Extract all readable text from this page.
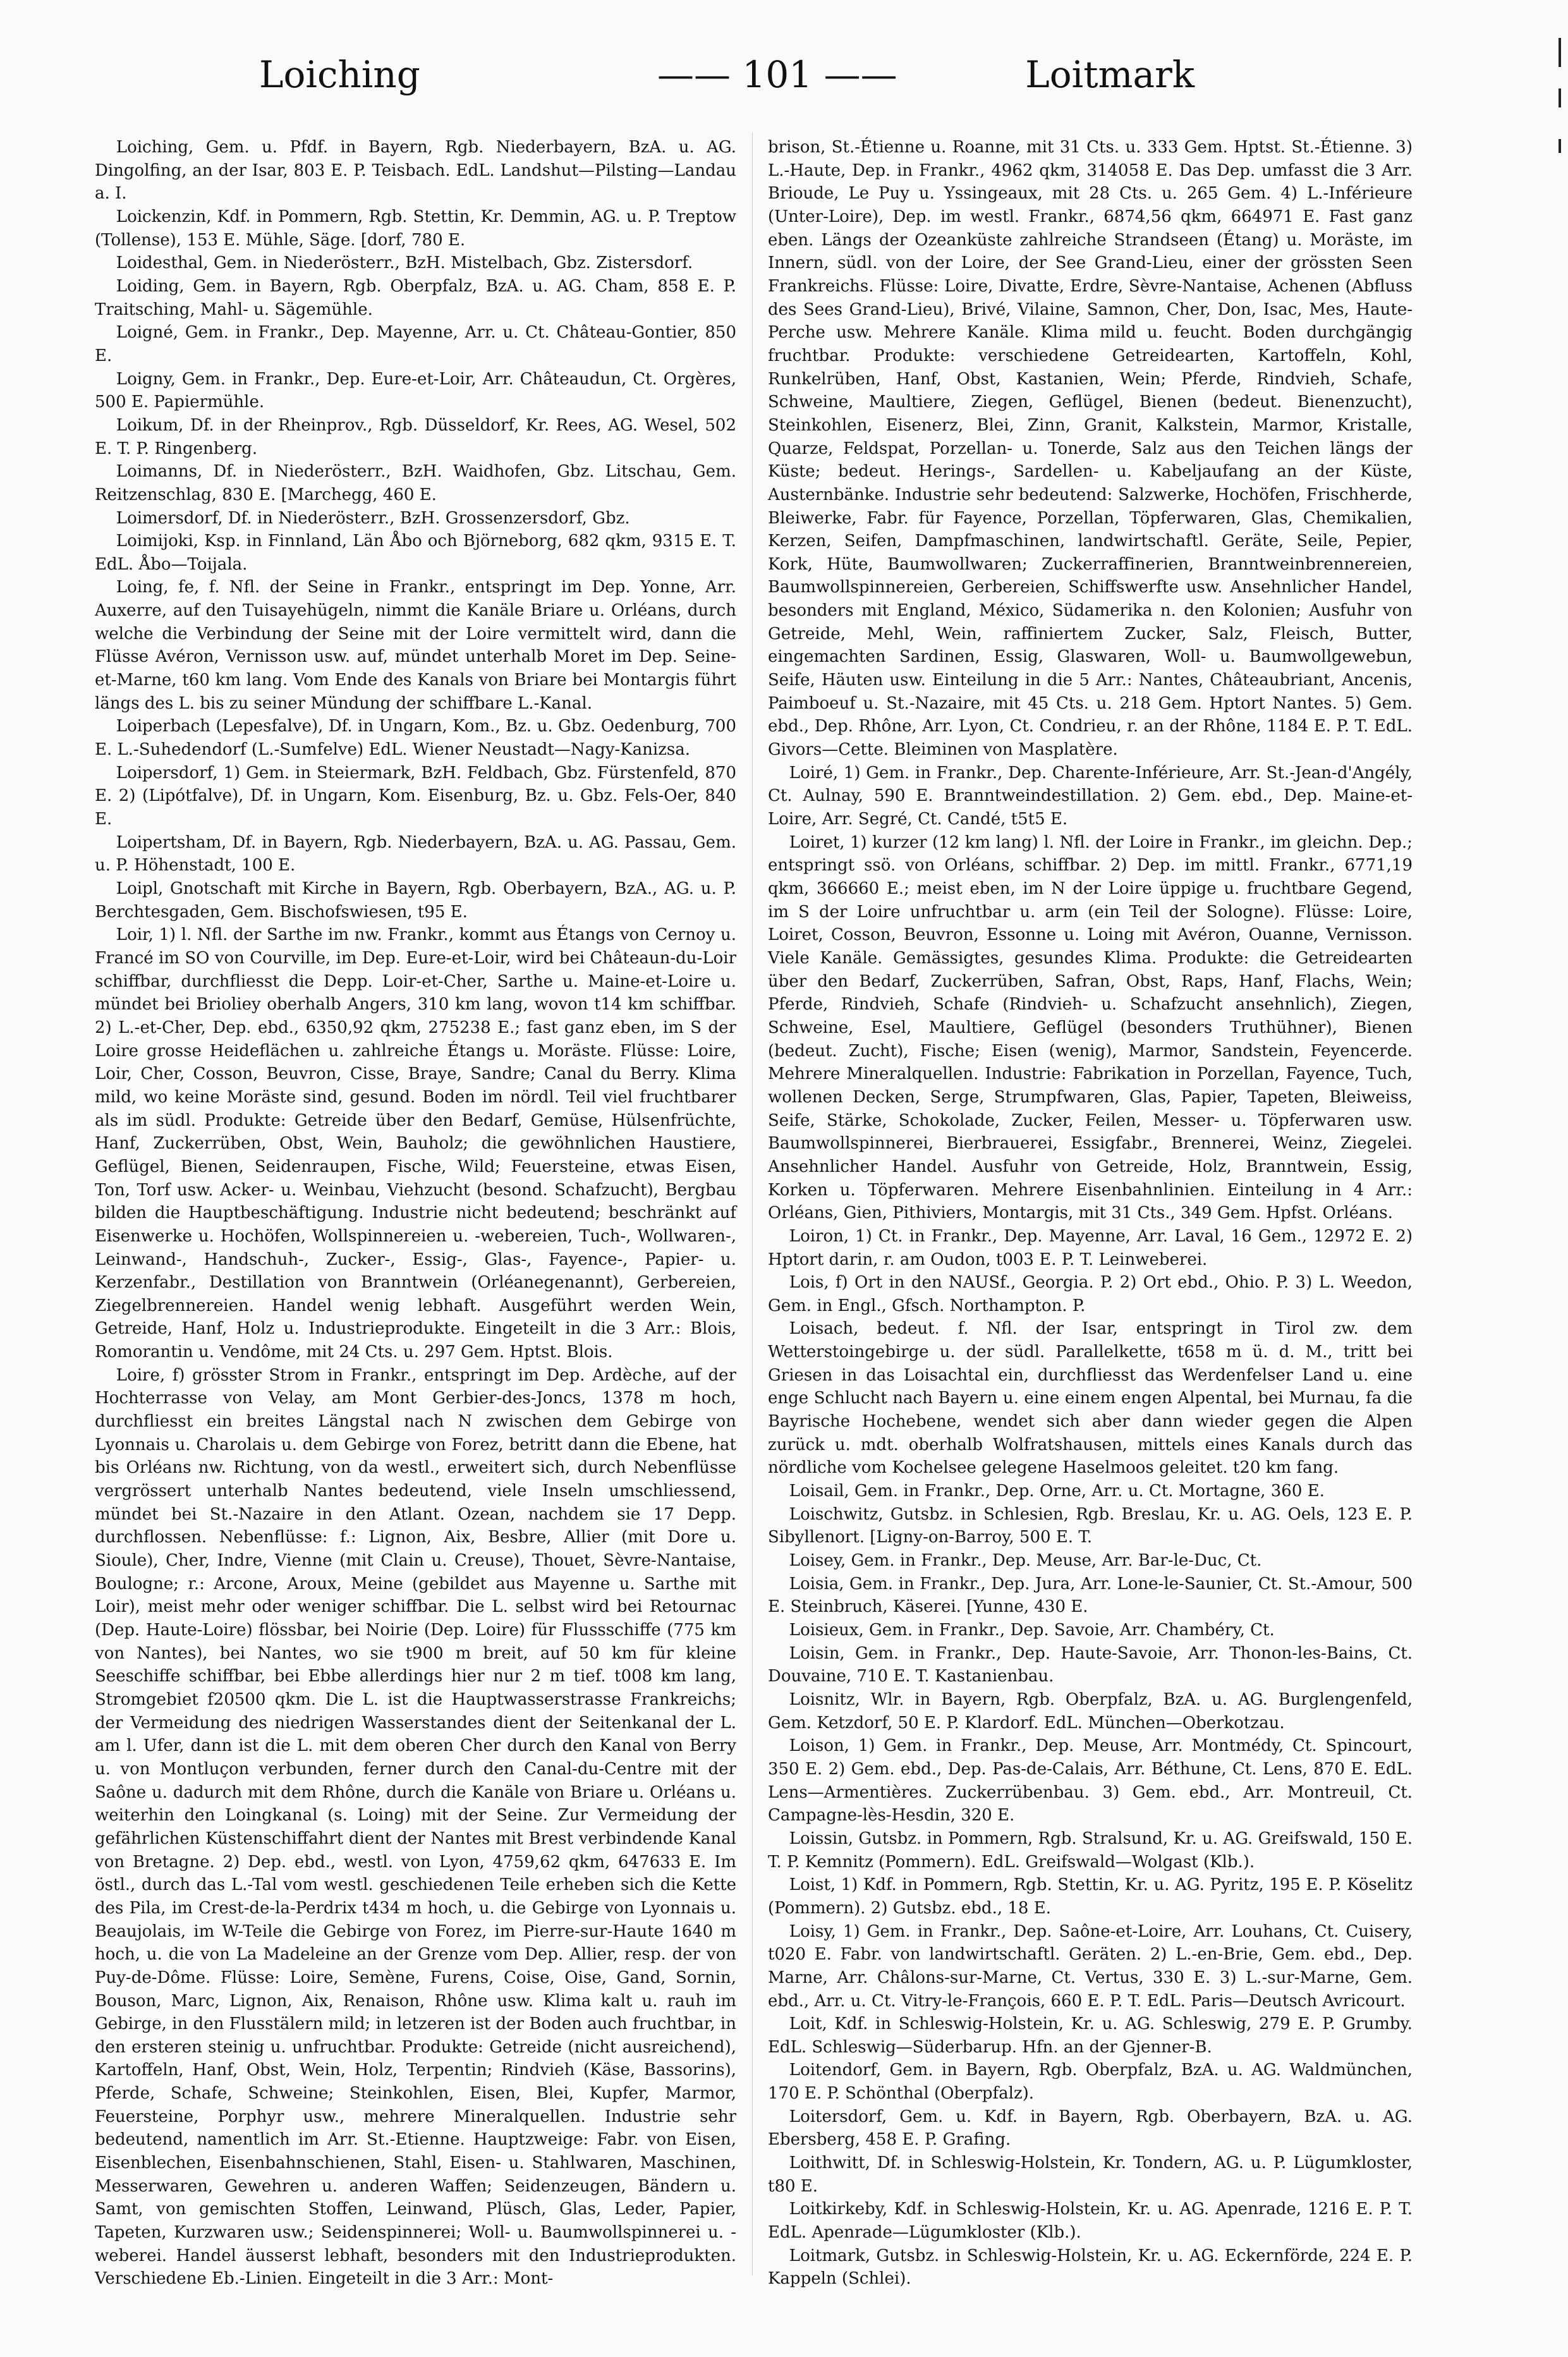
Loiching	—— 101 ——	Loitmark

Loiching, Gem. u. Pfdf. in Bayern, Rgb. Niederbayern, BzA. u. AG. Dingolfing, an der Isar, 803 E. P. Teisbach. EdL. Landshut—Pilsting—Landau a. I.

Loickenzin, Kdf. in Pommern, Rgb. Stettin, Kr. Demmin, AG. u. P. Treptow (Tollense), 153 E. Mühle, Säge. [dorf, 780 E.

Loidesthal, Gem. in Niederösterr., BzH. Mistelbach, Gbz. Zistersdorf.

Loiding, Gem. in Bayern, Rgb. Oberpfalz, BzA. u. AG. Cham, 858 E. P. Traitsching, Mahl- u. Sägemühle.

Loigné, Gem. in Frankr., Dep. Mayenne, Arr. u. Ct. Château-Gontier, 850 E.

Loigny, Gem. in Frankr., Dep. Eure-et-Loir, Arr. Châteaudun, Ct. Orgères, 500 E. Papiermühle.

Loikum, Df. in der Rheinprov., Rgb. Düsseldorf, Kr. Rees, AG. Wesel, 502 E. T. P. Ringenberg.

Loimanns, Df. in Niederösterr., BzH. Waidhofen, Gbz. Litschau, Gem. Reitzenschlag, 830 E. [Marchegg, 460 E.

Loimersdorf, Df. in Niederösterr., BzH. Grossenzersdorf, Gbz.

Loimijoki, Ksp. in Finnland, Län Åbo och Björneborg, 682 qkm, 9315 E. T. EdL. Åbo—Toijala.

Loing, fe, f. Nfl. der Seine in Frankr., entspringt im Dep. Yonne, Arr. Auxerre, auf den Tuisayehügeln, nimmt die Kanäle Briare u. Orléans, durch welche die Verbindung der Seine mit der Loire vermittelt wird, dann die Flüsse Avéron, Vernisson usw. auf, mündet unterhalb Moret im Dep. Seine-et-Marne, t60 km lang. Vom Ende des Kanals von Briare bei Montargis führt längs des L. bis zu seiner Mündung der schiffbare L.-Kanal.

Loiperbach (Lepesfalve), Df. in Ungarn, Kom., Bz. u. Gbz. Oedenburg, 700 E. L.-Suhedendorf (L.-Sumfelve) EdL. Wiener Neustadt—Nagy-Kanizsa.

Loipersdorf, 1) Gem. in Steiermark, BzH. Feldbach, Gbz. Fürstenfeld, 870 E. 2) (Lipótfalve), Df. in Ungarn, Kom. Eisenburg, Bz. u. Gbz. Fels-Oer, 840 E.

Loipertsham, Df. in Bayern, Rgb. Niederbayern, BzA. u. AG. Passau, Gem. u. P. Höhenstadt, 100 E.

Loipl, Gnotschaft mit Kirche in Bayern, Rgb. Oberbayern, BzA., AG. u. P. Berchtesgaden, Gem. Bischofswiesen, t95 E.

Loir, 1) l. Nfl. der Sarthe im nw. Frankr., kommt aus Étangs von Cernoy u. Francé im SO von Courville, im Dep. Eure-et-Loir, wird bei Châteaun-du-Loir schiffbar, durchfliesst die Depp. Loir-et-Cher, Sarthe u. Maine-et-Loire u. mündet bei Brioliey oberhalb Angers, 310 km lang, wovon t14 km schiffbar. 2) L.-et-Cher, Dep. ebd., 6350,92 qkm, 275238 E.; fast ganz eben, im S der Loire grosse Heideflächen u. zahlreiche Étangs u. Moräste. Flüsse: Loire, Loir, Cher, Cosson, Beuvron, Cisse, Braye, Sandre; Canal du Berry. Klima mild, wo keine Moräste sind, gesund. Boden im nördl. Teil viel fruchtbarer als im südl. Produkte: Getreide über den Bedarf, Gemüse, Hülsenfrüchte, Hanf, Zuckerrüben, Obst, Wein, Bauholz; die gewöhnlichen Haustiere, Geflügel, Bienen, Seidenraupen, Fische, Wild; Feuersteine, etwas Eisen, Ton, Torf usw. Acker- u. Weinbau, Viehzucht (besond. Schafzucht), Bergbau bilden die Hauptbeschäftigung. Industrie nicht bedeutend; beschränkt auf Eisenwerke u. Hochöfen, Wollspinnereien u. -webereien, Tuch-, Wollwaren-, Leinwand-, Handschuh-, Zucker-, Essig-, Glas-, Fayence-, Papier- u. Kerzenfabr., Destillation von Branntwein (Orléanegenannt), Gerbereien, Ziegelbrennereien. Handel wenig lebhaft. Ausgeführt werden Wein, Getreide, Hanf, Holz u. Industrieprodukte. Eingeteilt in die 3 Arr.: Blois, Romorantin u. Vendôme, mit 24 Cts. u. 297 Gem. Hptst. Blois.

Loire, f) grösster Strom in Frankr., entspringt im Dep. Ardèche, auf der Hochterrasse von Velay, am Mont Gerbier-des-Joncs, 1378 m hoch, durchfliesst ein breites Längstal nach N zwischen dem Gebirge von Lyonnais u. Charolais u. dem Gebirge von Forez, betritt dann die Ebene, hat bis Orléans nw. Richtung, von da westl., erweitert sich, durch Nebenflüsse vergrössert unterhalb Nantes bedeutend, viele Inseln umschliessend, mündet bei St.-Nazaire in den Atlant. Ozean, nachdem sie 17 Depp. durchflossen. Nebenflüsse: f.: Lignon, Aix, Besbre, Allier (mit Dore u. Sioule), Cher, Indre, Vienne (mit Clain u. Creuse), Thouet, Sèvre-Nantaise, Boulogne; r.: Arcone, Aroux, Meine (gebildet aus Mayenne u. Sarthe mit Loir), meist mehr oder weniger schiffbar. Die L. selbst wird bei Retournac (Dep. Haute-Loire) flössbar, bei Noirie (Dep. Loire) für Flussschiffe (775 km von Nantes), bei Nantes, wo sie t900 m breit, auf 50 km für kleine Seeschiffe schiffbar, bei Ebbe allerdings hier nur 2 m tief. t008 km lang, Stromgebiet f20500 qkm. Die L. ist die Hauptwasserstrasse Frankreichs; der Vermeidung des niedrigen Wasserstandes dient der Seitenkanal der L. am l. Ufer, dann ist die L. mit dem oberen Cher durch den Kanal von Berry u. von Montluçon verbunden, ferner durch den Canal-du-Centre mit der Saône u. dadurch mit dem Rhône, durch die Kanäle von Briare u. Orléans u. weiterhin den Loingkanal (s. Loing) mit der Seine. Zur Vermeidung der gefährlichen Küstenschiffahrt dient der Nantes mit Brest verbindende Kanal von Bretagne. 2) Dep. ebd., westl. von Lyon, 4759,62 qkm, 647633 E. Im östl., durch das L.-Tal vom westl. geschiedenen Teile erheben sich die Kette des Pila, im Crest-de-la-Perdrix t434 m hoch, u. die Gebirge von Lyonnais u. Beaujolais, im W-Teile die Gebirge von Forez, im Pierre-sur-Haute 1640 m hoch, u. die von La Madeleine an der Grenze vom Dep. Allier, resp. der von Puy-de-Dôme. Flüsse: Loire, Semène, Furens, Coise, Oise, Gand, Sornin, Bouson, Marc, Lignon, Aix, Renaison, Rhône usw. Klima kalt u. rauh im Gebirge, in den Flusstälern mild; in letzeren ist der Boden auch fruchtbar, in den ersteren steinig u. unfruchtbar. Produkte: Getreide (nicht ausreichend), Kartoffeln, Hanf, Obst, Wein, Holz, Terpentin; Rindvieh (Käse, Bassorins), Pferde, Schafe, Schweine; Steinkohlen, Eisen, Blei, Kupfer, Marmor, Feuersteine, Porphyr usw., mehrere Mineralquellen. Industrie sehr bedeutend, namentlich im Arr. St.-Etienne. Hauptzweige: Fabr. von Eisen, Eisenblechen, Eisenbahnschienen, Stahl, Eisen- u. Stahlwaren, Maschinen, Messerwaren, Gewehren u. anderen Waffen; Seidenzeugen, Bändern u. Samt, von gemischten Stoffen, Leinwand, Plüsch, Glas, Leder, Papier, Tapeten, Kurzwaren usw.; Seidenspinnerei; Woll- u. Baumwollspinnerei u. -weberei. Handel äusserst lebhaft, besonders mit den Industrieprodukten. Verschiedene Eb.-Linien. Eingeteilt in die 3 Arr.: Mont-

brison, St.-Étienne u. Roanne, mit 31 Cts. u. 333 Gem. Hptst. St.-Étienne. 3) L.-Haute, Dep. in Frankr., 4962 qkm, 314058 E. Das Dep. umfasst die 3 Arr. Brioude, Le Puy u. Yssingeaux, mit 28 Cts. u. 265 Gem. 4) L.-Inférieure (Unter-Loire), Dep. im westl. Frankr., 6874,56 qkm, 664971 E. Fast ganz eben. Längs der Ozeanküste zahlreiche Strandseen (Étang) u. Moräste, im Innern, südl. von der Loire, der See Grand-Lieu, einer der grössten Seen Frankreichs. Flüsse: Loire, Divatte, Erdre, Sèvre-Nantaise, Achenen (Abfluss des Sees Grand-Lieu), Brivé, Vilaine, Samnon, Cher, Don, Isac, Mes, Haute-Perche usw. Mehrere Kanäle. Klima mild u. feucht. Boden durchgängig fruchtbar. Produkte: verschiedene Getreidearten, Kartoffeln, Kohl, Runkelrüben, Hanf, Obst, Kastanien, Wein; Pferde, Rindvieh, Schafe, Schweine, Maultiere, Ziegen, Geflügel, Bienen (bedeut. Bienenzucht), Steinkohlen, Eisenerz, Blei, Zinn, Granit, Kalkstein, Marmor, Kristalle, Quarze, Feldspat, Porzellan- u. Tonerde, Salz aus den Teichen längs der Küste; bedeut. Herings-, Sardellen- u. Kabeljaufang an der Küste, Austernbänke. Industrie sehr bedeutend: Salzwerke, Hochöfen, Frischherde, Bleiwerke, Fabr. für Fayence, Porzellan, Töpferwaren, Glas, Chemikalien, Kerzen, Seifen, Dampfmaschinen, landwirtschaftl. Geräte, Seile, Pepier, Kork, Hüte, Baumwollwaren; Zuckerraffinerien, Branntweinbrennereien, Baumwollspinnereien, Gerbereien, Schiffswerfte usw. Ansehnlicher Handel, besonders mit England, México, Südamerika n. den Kolonien; Ausfuhr von Getreide, Mehl, Wein, raffiniertem Zucker, Salz, Fleisch, Butter, eingemachten Sardinen, Essig, Glaswaren, Woll- u. Baumwollgewebun, Seife, Häuten usw. Einteilung in die 5 Arr.: Nantes, Châteaubriant, Ancenis, Paimboeuf u. St.-Nazaire, mit 45 Cts. u. 218 Gem. Hptort Nantes. 5) Gem. ebd., Dep. Rhône, Arr. Lyon, Ct. Condrieu, r. an der Rhône, 1184 E. P. T. EdL. Givors—Cette. Bleiminen von Masplatère.

Loiré, 1) Gem. in Frankr., Dep. Charente-Inférieure, Arr. St.-Jean-d'Angély, Ct. Aulnay, 590 E. Branntweindestillation. 2) Gem. ebd., Dep. Maine-et-Loire, Arr. Segré, Ct. Candé, t5t5 E.

Loiret, 1) kurzer (12 km lang) l. Nfl. der Loire in Frankr., im gleichn. Dep.; entspringt ssö. von Orléans, schiffbar. 2) Dep. im mittl. Frankr., 6771,19 qkm, 366660 E.; meist eben, im N der Loire üppige u. fruchtbare Gegend, im S der Loire unfruchtbar u. arm (ein Teil der Sologne). Flüsse: Loire, Loiret, Cosson, Beuvron, Essonne u. Loing mit Avéron, Ouanne, Vernisson. Viele Kanäle. Gemässigtes, gesundes Klima. Produkte: die Getreidearten über den Bedarf, Zuckerrüben, Safran, Obst, Raps, Hanf, Flachs, Wein; Pferde, Rindvieh, Schafe (Rindvieh- u. Schafzucht ansehnlich), Ziegen, Schweine, Esel, Maultiere, Geflügel (besonders Truthühner), Bienen (bedeut. Zucht), Fische; Eisen (wenig), Marmor, Sandstein, Feyencerde. Mehrere Mineralquellen. Industrie: Fabrikation in Porzellan, Fayence, Tuch, wollenen Decken, Serge, Strumpfwaren, Glas, Papier, Tapeten, Bleiweiss, Seife, Stärke, Schokolade, Zucker, Feilen, Messer- u. Töpferwaren usw. Baumwollspinnerei, Bierbrauerei, Essigfabr., Brennerei, Weinz, Ziegelei. Ansehnlicher Handel. Ausfuhr von Getreide, Holz, Branntwein, Essig, Korken u. Töpferwaren. Mehrere Eisenbahnlinien. Einteilung in 4 Arr.: Orléans, Gien, Pithiviers, Montargis, mit 31 Cts., 349 Gem. Hpfst. Orléans.

Loiron, 1) Ct. in Frankr., Dep. Mayenne, Arr. Laval, 16 Gem., 12972 E. 2) Hptort darin, r. am Oudon, t003 E. P. T. Leinweberei.

Lois, f) Ort in den NAUSf., Georgia. P. 2) Ort ebd., Ohio. P. 3) L. Weedon, Gem. in Engl., Gfsch. Northampton. P.

Loisach, bedeut. f. Nfl. der Isar, entspringt in Tirol zw. dem Wetterstoingebirge u. der südl. Parallelkette, t658 m ü. d. M., tritt bei Griesen in das Loisachtal ein, durchfliesst das Werdenfelser Land u. eine enge Schlucht nach Bayern u. eine einem engen Alpental, bei Murnau, fa die Bayrische Hochebene, wendet sich aber dann wieder gegen die Alpen zurück u. mdt. oberhalb Wolfratshausen, mittels eines Kanals durch das nördliche vom Kochelsee gelegene Haselmoos geleitet. t20 km fang.

Loisail, Gem. in Frankr., Dep. Orne, Arr. u. Ct. Mortagne, 360 E.

Loischwitz, Gutsbz. in Schlesien, Rgb. Breslau, Kr. u. AG. Oels, 123 E. P. Sibyllenort. [Ligny-on-Barroy, 500 E. T.

Loisey, Gem. in Frankr., Dep. Meuse, Arr. Bar-le-Duc, Ct.

Loisia, Gem. in Frankr., Dep. Jura, Arr. Lone-le-Saunier, Ct. St.-Amour, 500 E. Steinbruch, Käserei. [Yunne, 430 E.

Loisieux, Gem. in Frankr., Dep. Savoie, Arr. Chambéry, Ct.

Loisin, Gem. in Frankr., Dep. Haute-Savoie, Arr. Thonon-les-Bains, Ct. Douvaine, 710 E. T. Kastanienbau.

Loisnitz, Wlr. in Bayern, Rgb. Oberpfalz, BzA. u. AG. Burglengenfeld, Gem. Ketzdorf, 50 E. P. Klardorf. EdL. München—Oberkotzau.

Loison, 1) Gem. in Frankr., Dep. Meuse, Arr. Montmédy, Ct. Spincourt, 350 E. 2) Gem. ebd., Dep. Pas-de-Calais, Arr. Béthune, Ct. Lens, 870 E. EdL. Lens—Armentières. Zuckerrübenbau. 3) Gem. ebd., Arr. Montreuil, Ct. Campagne-lès-Hesdin, 320 E.

Loissin, Gutsbz. in Pommern, Rgb. Stralsund, Kr. u. AG. Greifswald, 150 E. T. P. Kemnitz (Pommern). EdL. Greifswald—Wolgast (Klb.).

Loist, 1) Kdf. in Pommern, Rgb. Stettin, Kr. u. AG. Pyritz, 195 E. P. Köselitz (Pommern). 2) Gutsbz. ebd., 18 E.

Loisy, 1) Gem. in Frankr., Dep. Saône-et-Loire, Arr. Louhans, Ct. Cuisery, t020 E. Fabr. von landwirtschaftl. Geräten. 2) L.-en-Brie, Gem. ebd., Dep. Marne, Arr. Châlons-sur-Marne, Ct. Vertus, 330 E. 3) L.-sur-Marne, Gem. ebd., Arr. u. Ct. Vitry-le-François, 660 E. P. T. EdL. Paris—Deutsch Avricourt.

Loit, Kdf. in Schleswig-Holstein, Kr. u. AG. Schleswig, 279 E. P. Grumby. EdL. Schleswig—Süderbarup. Hfn. an der Gjenner-B.

Loitendorf, Gem. in Bayern, Rgb. Oberpfalz, BzA. u. AG. Waldmünchen, 170 E. P. Schönthal (Oberpfalz).

Loitersdorf, Gem. u. Kdf. in Bayern, Rgb. Oberbayern, BzA. u. AG. Ebersberg, 458 E. P. Grafing.

Loithwitt, Df. in Schleswig-Holstein, Kr. Tondern, AG. u. P. Lügumkloster, t80 E.

Loitkirkeby, Kdf. in Schleswig-Holstein, Kr. u. AG. Apenrade, 1216 E. P. T. EdL. Apenrade—Lügumkloster (Klb.).

Loitmark, Gutsbz. in Schleswig-Holstein, Kr. u. AG. Eckernförde, 224 E. P. Kappeln (Schlei).
